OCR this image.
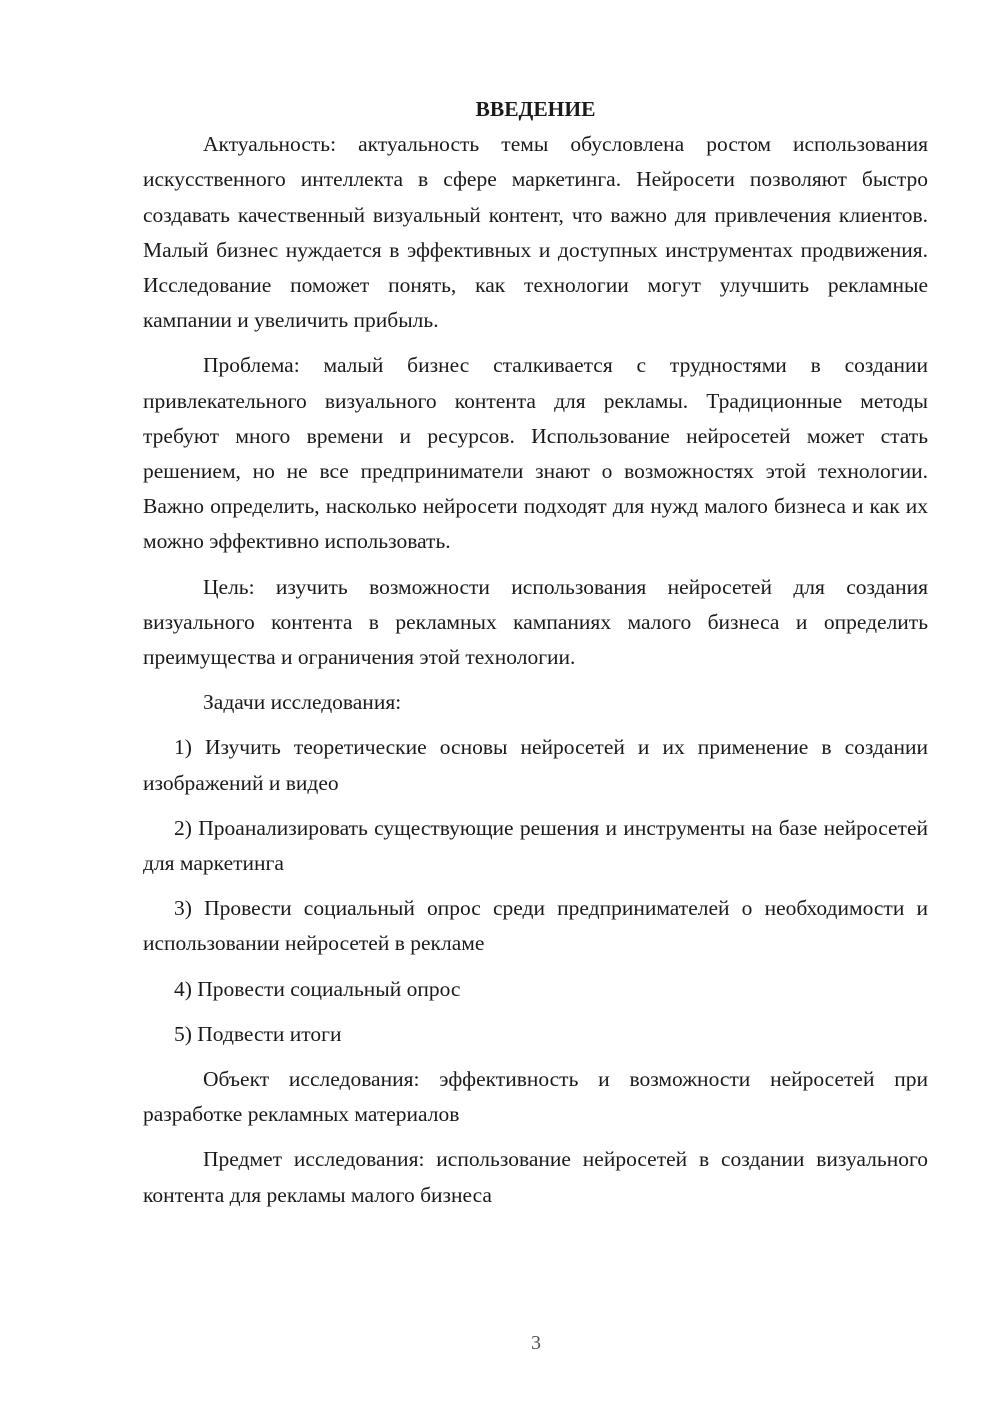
ВВЕДЕНИЕ

Актуальность: актуальность темы обусловлена ростом использования искусственного интеллекта в сфере маркетинга. Нейросети позволяют быстро создавать качественный визуальный контент, что важно для привлечения клиентов. Малый бизнес нуждается в эффективных и доступных инструментах продвижения. Исследование поможет понять, как технологии могут улучшить рекламные кампании и увеличить прибыль.

Проблема: малый бизнес сталкивается с трудностями в создании привлекательного визуального контента для рекламы. Традиционные методы требуют много времени и ресурсов. Использование нейросетей может стать решением, но не все предприниматели знают о возможностях этой технологии. Важно определить, насколько нейросети подходят для нужд малого бизнеса и как их можно эффективно использовать.

Цель: изучить возможности использования нейросетей для создания визуального контента в рекламных кампаниях малого бизнеса и определить преимущества и ограничения этой технологии.

Задачи исследования:

1) Изучить теоретические основы нейросетей и их применение в создании изображений и видео

2) Проанализировать существующие решения и инструменты на базе нейросетей для маркетинга

3) Провести социальный опрос среди предпринимателей о необходимости и использовании нейросетей в рекламе

4) Провести социальный опрос

5) Подвести итоги

Объект исследования: эффективность и возможности нейросетей при разработке рекламных материалов

Предмет исследования: использование нейросетей в создании визуального контента для рекламы малого бизнеса

3
